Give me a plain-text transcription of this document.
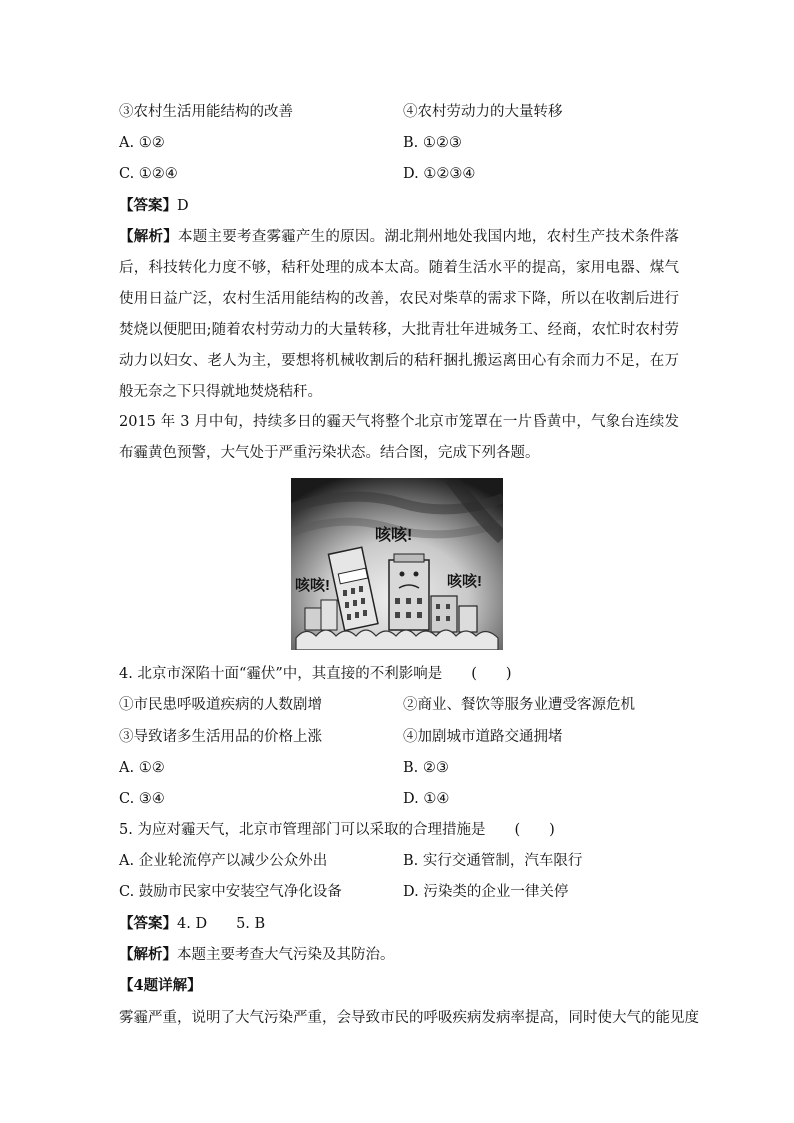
③农村生活用能结构的改善	④农村劳动力的大量转移
A. ①②	B. ①②③
C. ①②④	D. ①②③④
【答案】D
【解析】本题主要考查雾霾产生的原因。湖北荆州地处我国内地，农村生产技术条件落后，科技转化力度不够，秸秆处理的成本太高。随着生活水平的提高，家用电器、煤气使用日益广泛，农村生活用能结构的改善，农民对柴草的需求下降，所以在收割后进行焚烧以便肥田;随着农村劳动力的大量转移，大批青壮年进城务工、经商，农忙时农村劳动力以妇女、老人为主，要想将机械收割后的秸秆捆扎搬运离田心有余而力不足，在万般无奈之下只得就地焚烧秸秆。
2015 年 3 月中旬，持续多日的霾天气将整个北京市笼罩在一片昏黄中，气象台连续发布霾黄色预警，大气处于严重污染状态。结合图，完成下列各题。
咳咳!
咳咳!	咳咳!
4. 北京市深陷十面“霾伏”中，其直接的不利影响是　　(　　)
①市民患呼吸道疾病的人数剧增	②商业、餐饮等服务业遭受客源危机
③导致诸多生活用品的价格上涨	④加剧城市道路交通拥堵
A. ①②	B. ②③
C. ③④	D. ①④
5. 为应对霾天气，北京市管理部门可以采取的合理措施是　　(　　)
A. 企业轮流停产以减少公众外出	B. 实行交通管制，汽车限行
C. 鼓励市民家中安装空气净化设备	D. 污染类的企业一律关停
【答案】4. D　　5. B
【解析】本题主要考查大气污染及其防治。
【4题详解】
雾霾严重，说明了大气污染严重，会导致市民的呼吸疾病发病率提高，同时使大气的能见度
